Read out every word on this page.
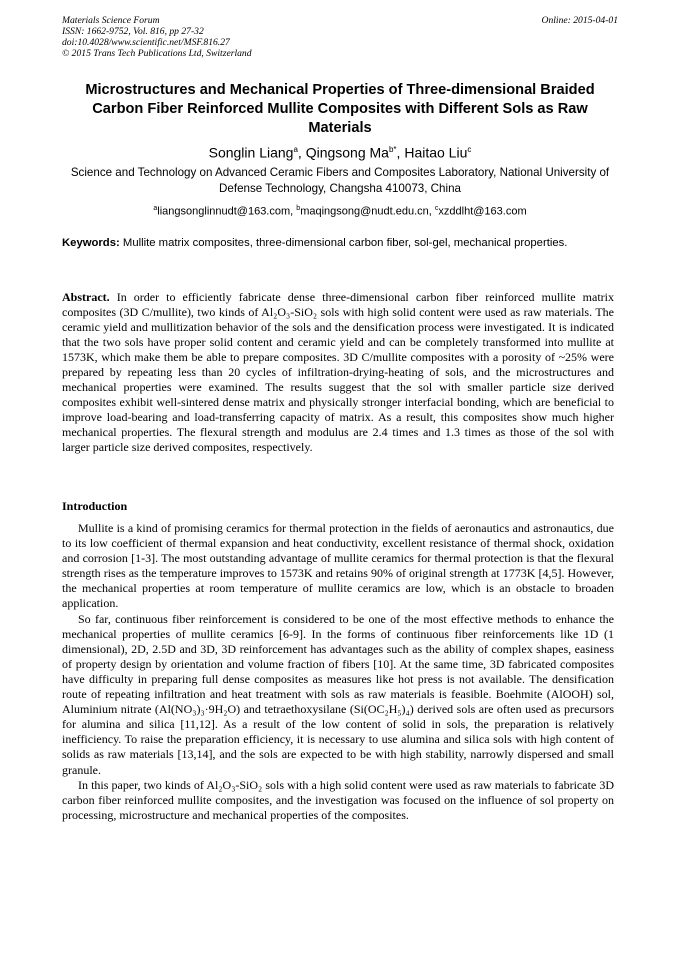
Materials Science Forum
ISSN: 1662-9752, Vol. 816, pp 27-32
doi:10.4028/www.scientific.net/MSF.816.27
© 2015 Trans Tech Publications Ltd, Switzerland
Online: 2015-04-01
Microstructures and Mechanical Properties of Three-dimensional Braided Carbon Fiber Reinforced Mullite Composites with Different Sols as Raw Materials
Songlin Liang$^a$, Qingsong $Ma^{b*}$, Haitao Liu$^c$
Science and Technology on Advanced Ceramic Fibers and Composites Laboratory, National University of Defense Technology, Changsha 410073, China
$^a$liangsonglinnudt@163.com, $^b$maqingsong@nudt.edu.cn, $^c$xzddlht@163.com
Keywords: Mullite matrix composites, three-dimensional carbon fiber, sol-gel, mechanical properties.
Abstract. In order to efficiently fabricate dense three-dimensional carbon fiber reinforced mullite matrix composites (3D C/mullite), two kinds of Al₂O₃-SiO₂ sols with high solid content were used as raw materials. The ceramic yield and mullitization behavior of the sols and the densification process were investigated. It is indicated that the two sols have proper solid content and ceramic yield and can be completely transformed into mullite at 1573K, which make them be able to prepare composites. 3D C/mullite composites with a porosity of ~25% were prepared by repeating less than 20 cycles of infiltration-drying-heating of sols, and the microstructures and mechanical properties were examined. The results suggest that the sol with smaller particle size derived composites exhibit well-sintered dense matrix and physically stronger interfacial bonding, which are beneficial to improve load-bearing and load-transferring capacity of matrix. As a result, this composites show much higher mechanical properties. The flexural strength and modulus are 2.4 times and 1.3 times as those of the sol with larger particle size derived composites, respectively.
Introduction

Mullite is a kind of promising ceramics for thermal protection in the fields of aeronautics and astronautics, due to its low coefficient of thermal expansion and heat conductivity, excellent resistance of thermal shock, oxidation and corrosion [1-3]. The most outstanding advantage of mullite ceramics for thermal protection is that the flexural strength rises as the temperature improves to 1573K and retains 90% of original strength at 1773K [4,5]. However, the mechanical properties at room temperature of mullite ceramics are low, which is an obstacle to broaden application.

So far, continuous fiber reinforcement is considered to be one of the most effective methods to enhance the mechanical properties of mullite ceramics [6-9]. In the forms of continuous fiber reinforcements like 1D (1 dimensional), 2D, 2.5D and 3D, 3D reinforcement has advantages such as the ability of complex shapes, easiness of property design by orientation and volume fraction of fibers [10]. At the same time, 3D fabricated composites have difficulty in preparing full dense composites as measures like hot press is not available. The densification route of repeating infiltration and heat treatment with sols as raw materials is feasible. Boehmite (AlOOH) sol, Aluminium nitrate (Al(NO₃)₃·9H₂O) and tetraethoxysilane (Si(OC₂H₅)₄) derived sols are often used as precursors for alumina and silica [11,12]. As a result of the low content of solid in sols, the preparation is relatively inefficiency. To raise the preparation efficiency, it is necessary to use alumina and silica sols with high content of solids as raw materials [13,14], and the sols are expected to be with high stability, narrowly dispersed and small granule.

In this paper, two kinds of Al₂O₃-SiO₂ sols with a high solid content were used as raw materials to fabricate 3D carbon fiber reinforced mullite composites, and the investigation was focused on the influence of sol property on processing, microstructure and mechanical properties of the composites.
